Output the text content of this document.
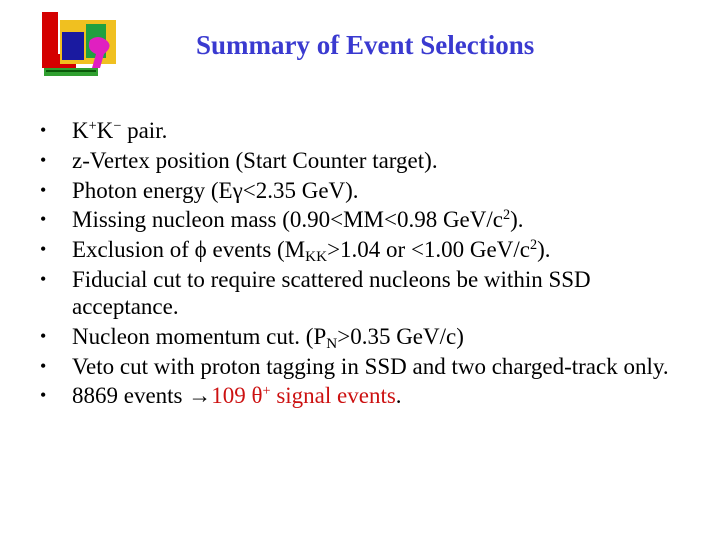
Summary of Event Selections
• K+K− pair.
• z-Vertex position (Start Counter target).
• Photon energy (Eγ<2.35 GeV).
• Missing nucleon mass (0.90<MM<0.98 GeV/$c^2$).
• Exclusion of ϕ events ($M_{KK}>1.04$ or <1.00 GeV/$c^2$).
• Fiducial cut to require scattered nucleons be within SSD acceptance.
• Nucleon momentum cut. ($P_N>0.35$ GeV/c)
• Veto cut with proton tagging in SSD and two charged-track only.
• 8869 events →109 θ+ signal events.
